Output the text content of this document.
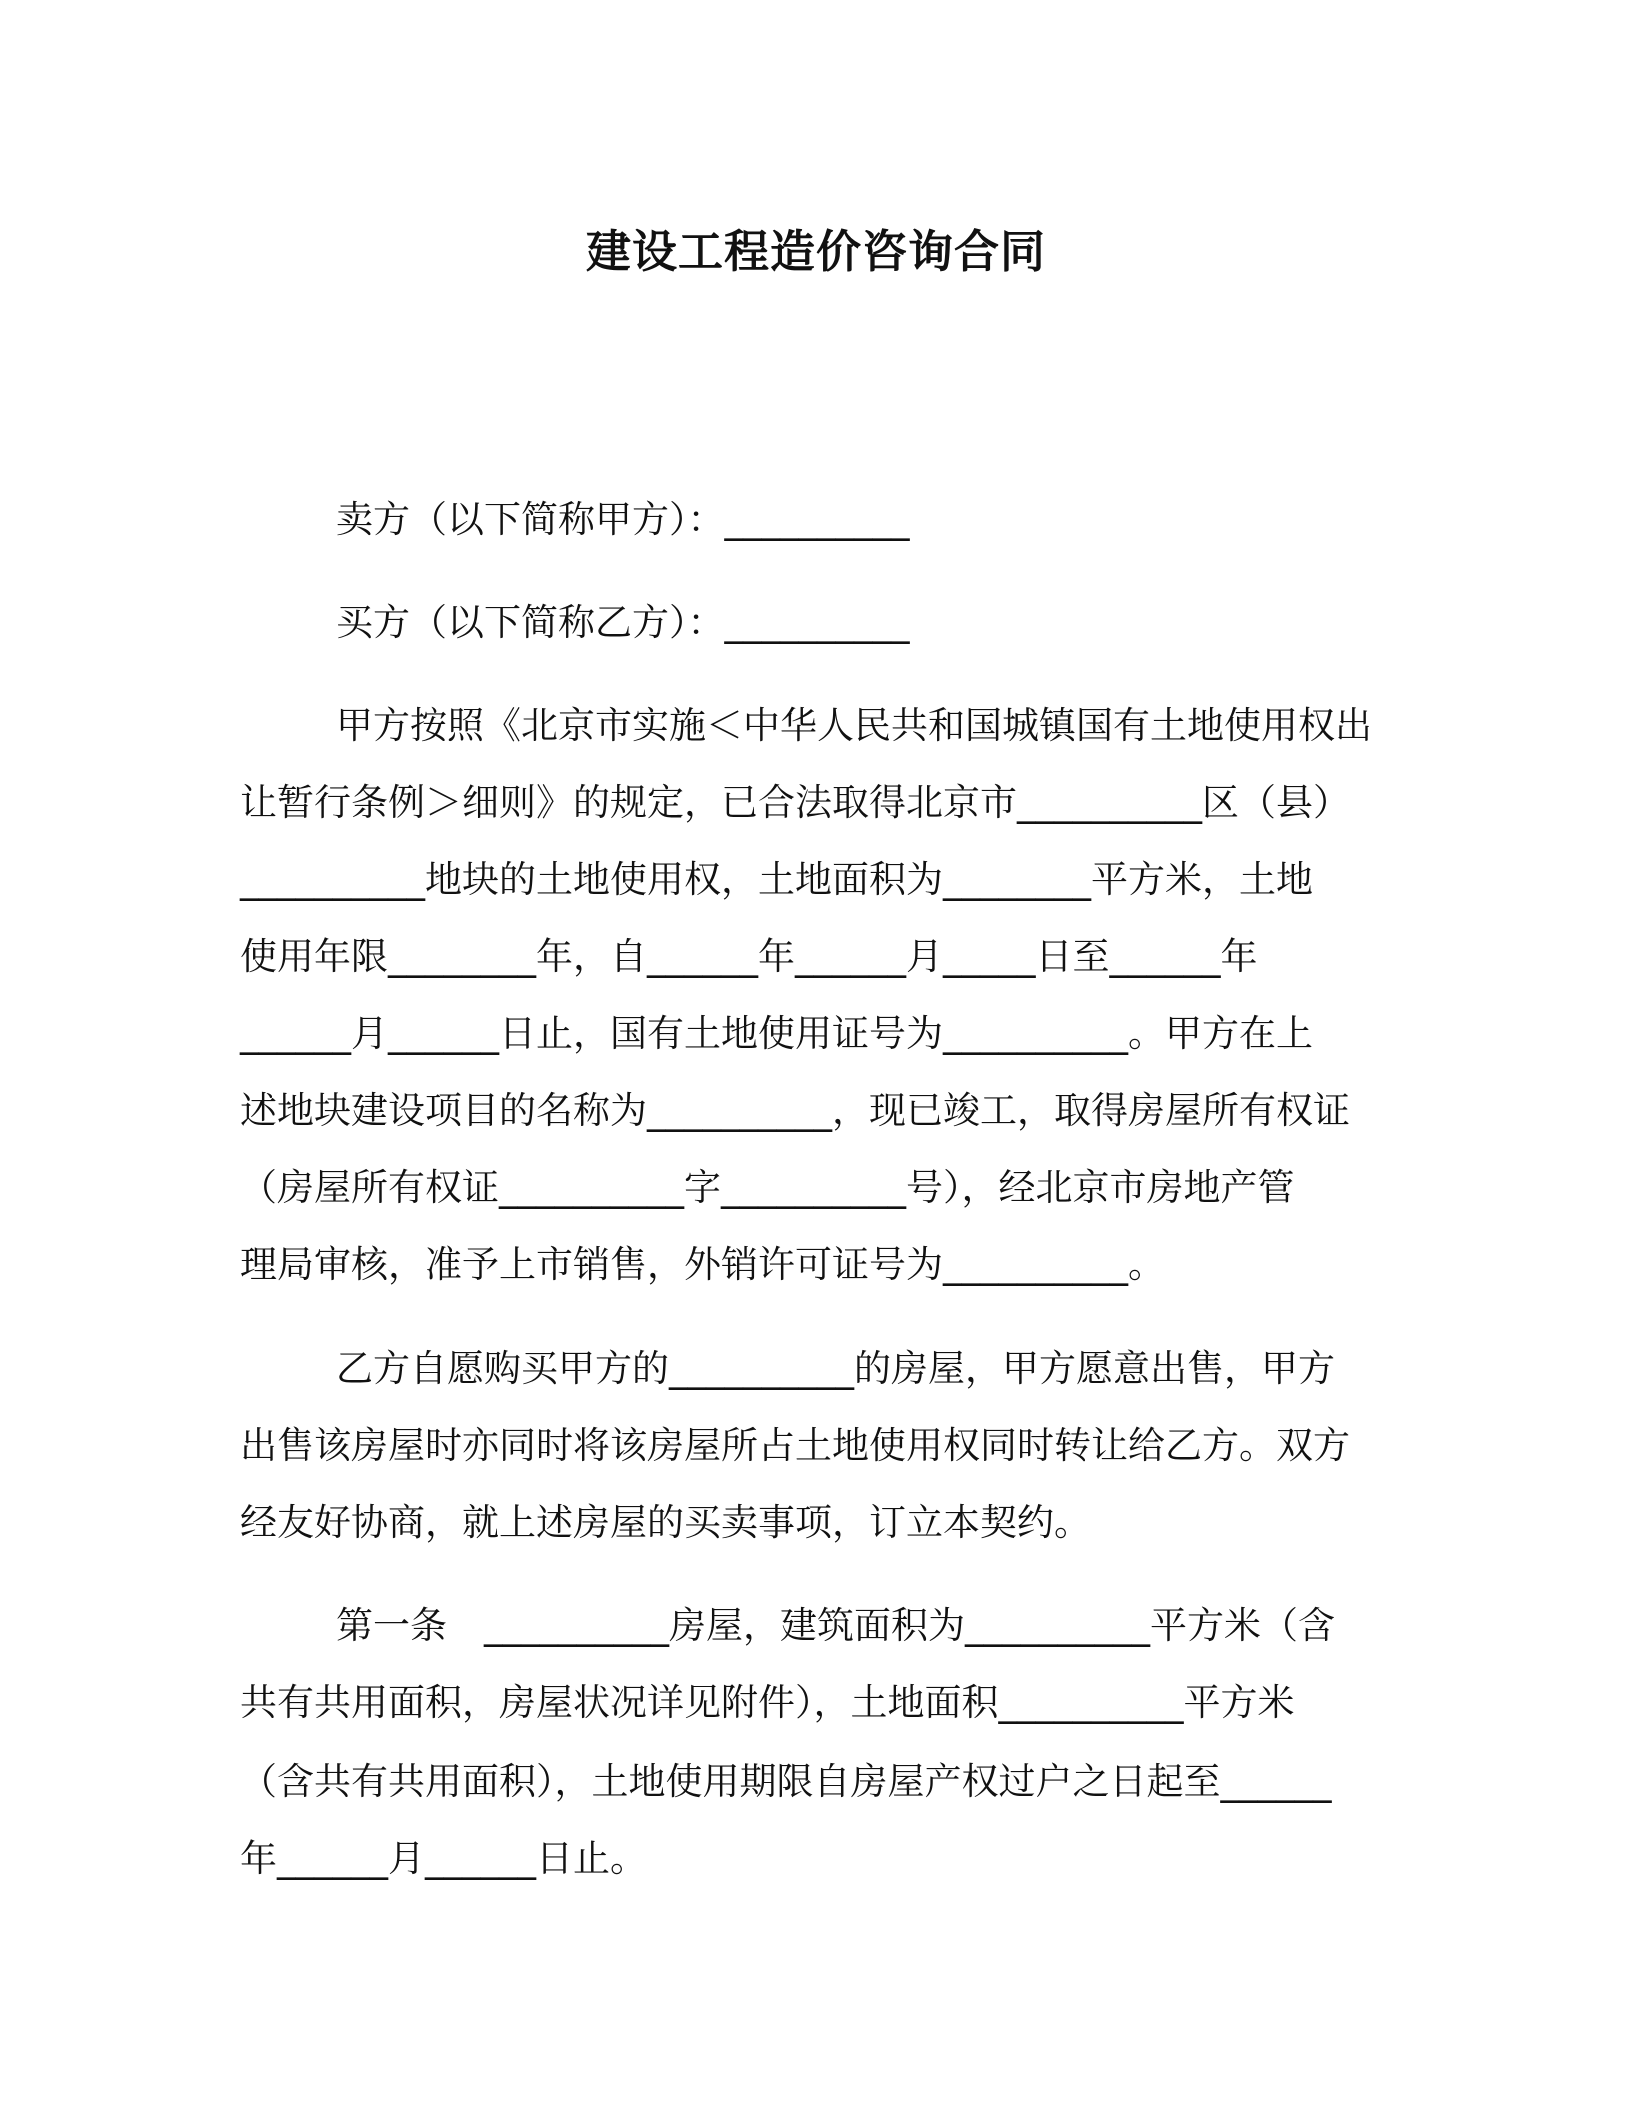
建设工程造价咨询合同
卖方（以下简称甲方）：__________
买方（以下简称乙方）：__________
甲方按照《北京市实施＜中华人民共和国城镇国有土地使用权出
让暂行条例＞细则》的规定，已合法取得北京市__________区（县）
__________地块的土地使用权，土地面积为________平方米，土地
使用年限________年，自______年______月_____日至______年
______月______日止，国有土地使用证号为__________。甲方在上
述地块建设项目的名称为__________，现已竣工，取得房屋所有权证
（房屋所有权证__________字__________号），经北京市房地产管
理局审核，准予上市销售，外销许可证号为__________。
乙方自愿购买甲方的__________的房屋，甲方愿意出售，甲方
出售该房屋时亦同时将该房屋所占土地使用权同时转让给乙方。双方
经友好协商，就上述房屋的买卖事项，订立本契约。
第一条　__________房屋，建筑面积为__________平方米（含
共有共用面积，房屋状况详见附件），土地面积__________平方米
（含共有共用面积），土地使用期限自房屋产权过户之日起至______
年______月______日止。
